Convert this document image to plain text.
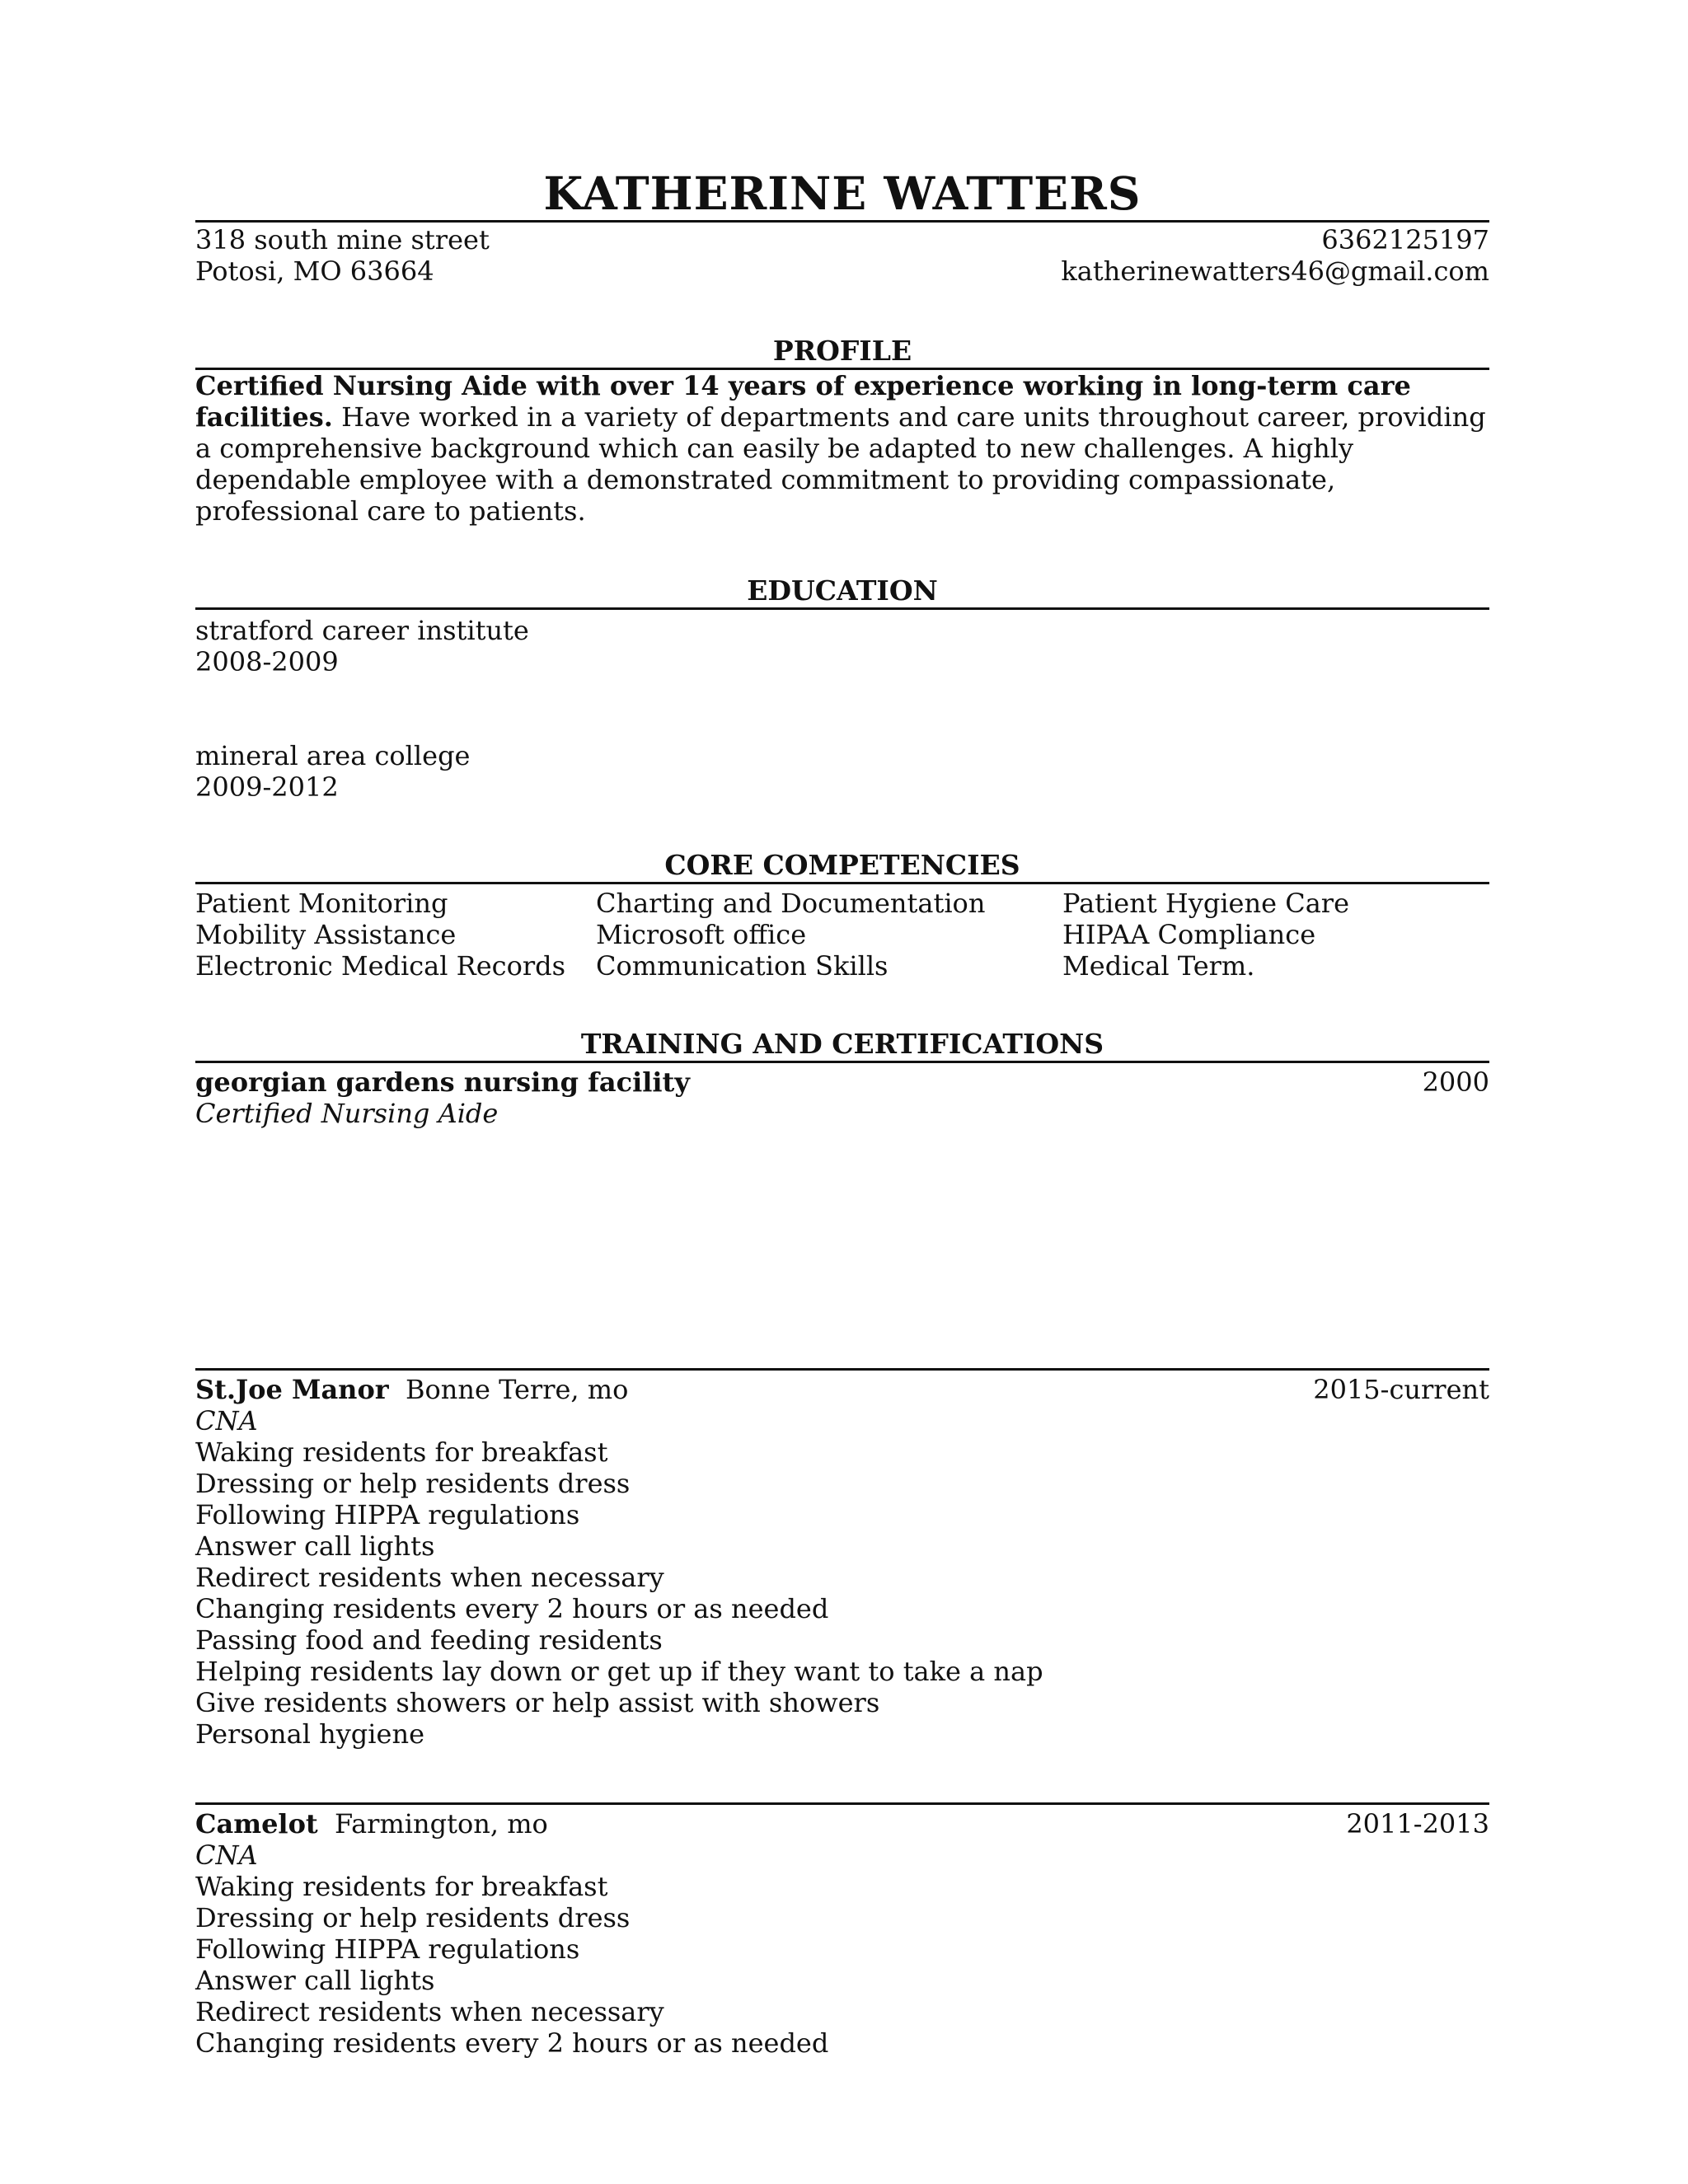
KATHERINE WATTERS
318 south mine street	6362125197
Potosi, MO 63664	katherinewatters46@gmail.com
PROFILE
Certified Nursing Aide with over 14 years of experience working in long-term care facilities. Have worked in a variety of departments and care units throughout career, providing a comprehensive background which can easily be adapted to new challenges. A highly dependable employee with a demonstrated commitment to providing compassionate, professional care to patients.
EDUCATION
stratford career institute
2008-2009
mineral area college
2009-2012
CORE COMPETENCIES
Patient Monitoring	Charting and Documentation	Patient Hygiene Care
Mobility Assistance	Microsoft office	HIPAA Compliance
Electronic Medical Records	Communication Skills	Medical Term.
TRAINING AND CERTIFICATIONS
georgian gardens nursing facility	2000
Certified Nursing Aide
St.Joe Manor Bonne Terre, mo	2015-current
CNA
Waking residents for breakfast
Dressing or help residents dress
Following HIPPA regulations
Answer call lights
Redirect residents when necessary
Changing residents every 2 hours or as needed
Passing food and feeding residents
Helping residents lay down or get up if they want to take a nap
Give residents showers or help assist with showers
Personal hygiene
Camelot Farmington, mo	2011-2013
CNA
Waking residents for breakfast
Dressing or help residents dress
Following HIPPA regulations
Answer call lights
Redirect residents when necessary
Changing residents every 2 hours or as needed
